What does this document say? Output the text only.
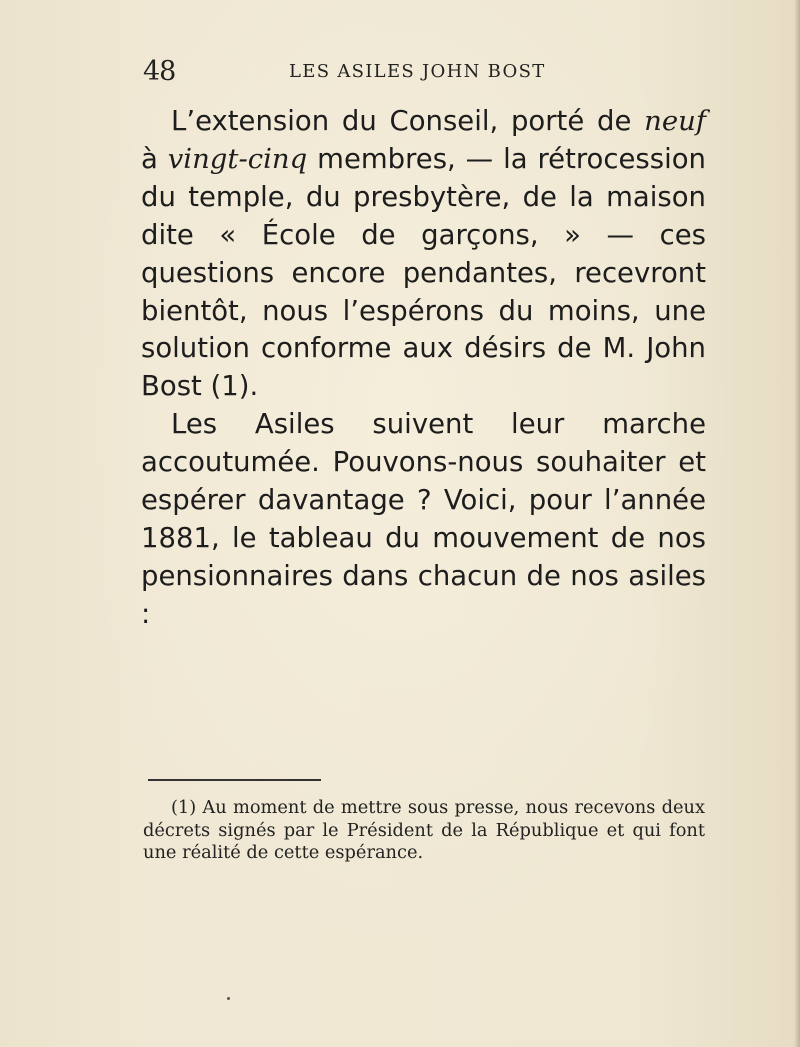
48	LES ASILES JOHN BOST

L’extension du Conseil, porté de neuf à vingt-cinq membres, — la rétrocession du temple, du presbytère, de la maison dite « École de garçons, » — ces questions encore pendantes, recevront bientôt, nous l’espérons du moins, une solution conforme aux désirs de M. John Bost (1).

Les Asiles suivent leur marche accoutumée. Pouvons-nous souhaiter et espérer davantage ? Voici, pour l’année 1881, le tableau du mouvement de nos pensionnaires dans chacun de nos asiles :

(1) Au moment de mettre sous presse, nous recevons deux décrets signés par le Président de la République et qui font une réalité de cette espérance.
